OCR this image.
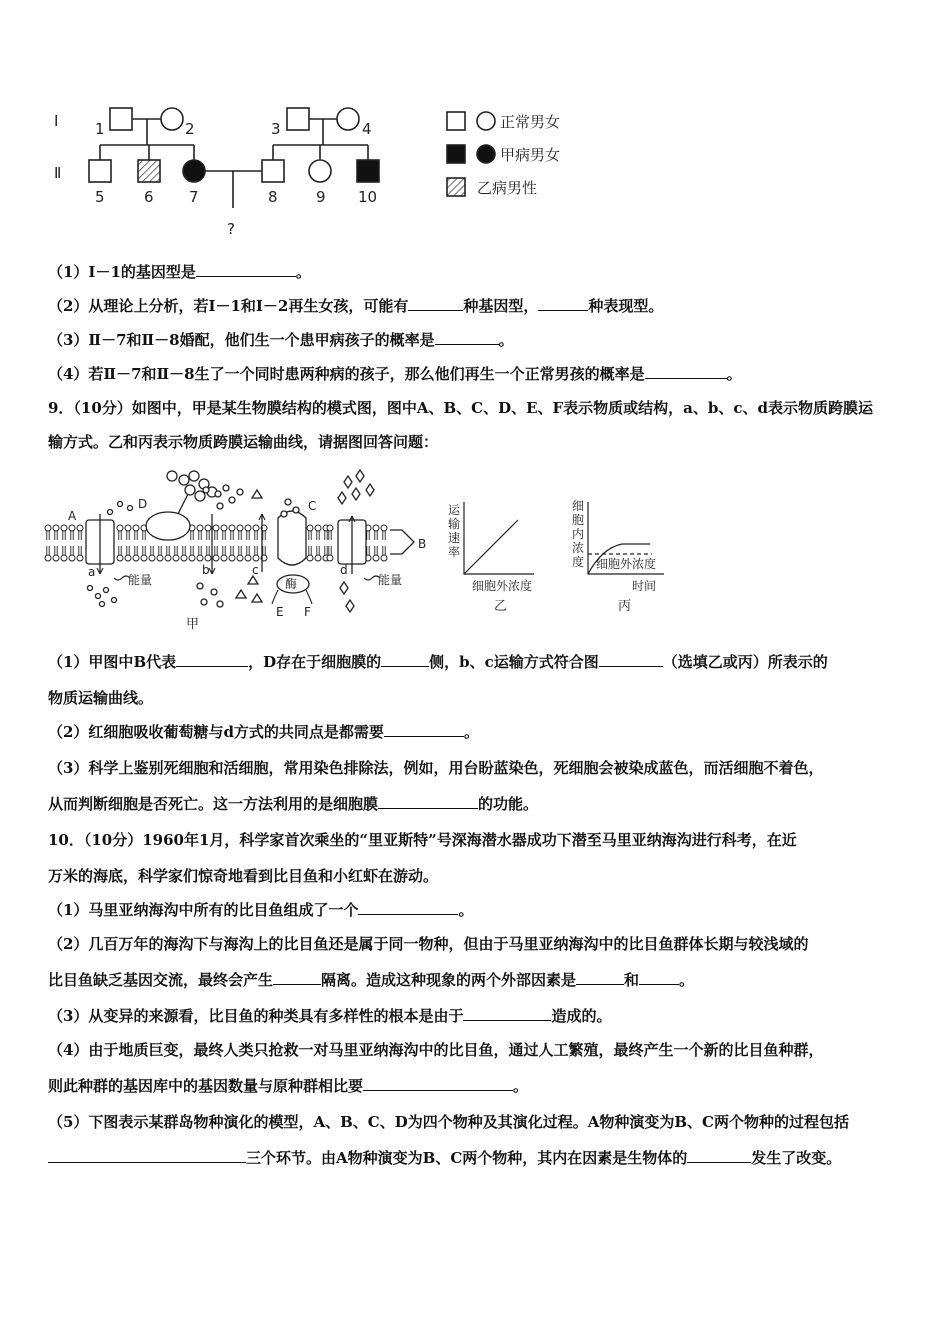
Ⅰ
Ⅱ
1	2	3	4
5	6 7	8	9 10
?
正常男女
甲病男女
乙病男性
（1）Ⅰ－1的基因型是	。
（2）从理论上分析，若Ⅰ－1和Ⅰ－2再生女孩，可能有	种基因型，	种表现型。
（3）Ⅱ－7和Ⅱ－8婚配，他们生一个患甲病孩子的概率是	。
（4）若Ⅱ－7和Ⅱ－8生了一个同时患两种病的孩子，那么他们再生一个正常男孩的概率是	。
9．（10分）如图中，甲是某生物膜结构的模式图，图中A、B、C、D、E、F表示物质或结构，a、b、c、d表示物质跨膜运
输方式。乙和丙表示物质跨膜运输曲线，请据图回答问题：
A
B
C
D
E F
a	b	c	d
能量	能量
酶
甲
运
输
速
率
细胞外浓度
乙
细
胞
内
浓
度 细胞外浓度
时间
丙
（1）甲图中B代表	，D存在于细胞膜的	侧，b、c运输方式符合图	（选填乙或丙）所表示的
物质运输曲线。
（2）红细胞吸收葡萄糖与d方式的共同点是都需要	。
（3）科学上鉴别死细胞和活细胞，常用染色排除法，例如，用台盼蓝染色，死细胞会被染成蓝色，而活细胞不着色，
从而判断细胞是否死亡。这一方法利用的是细胞膜	的功能。
10．（10分）1960年1月，科学家首次乘坐的“里亚斯特”号深海潜水器成功下潜至马里亚纳海沟进行科考，在近
万米的海底，科学家们惊奇地看到比目鱼和小红虾在游动。
（1）马里亚纳海沟中所有的比目鱼组成了一个	。
（2）几百万年的海沟下与海沟上的比目鱼还是属于同一物种，但由于马里亚纳海沟中的比目鱼群体长期与较浅域的
比目鱼缺乏基因交流，最终会产生	隔离。造成这种现象的两个外部因素是	和	。
（3）从变异的来源看，比目鱼的种类具有多样性的根本是由于	造成的。
（4）由于地质巨变，最终人类只抢救一对马里亚纳海沟中的比目鱼，通过人工繁殖，最终产生一个新的比目鱼种群，
则此种群的基因库中的基因数量与原种群相比要	。
（5）下图表示某群岛物种演化的模型，A、B、C、D为四个物种及其演化过程。A物种演变为B、C两个物种的过程包括
三个环节。由A物种演变为B、C两个物种，其内在因素是生物体的	发生了改变。
